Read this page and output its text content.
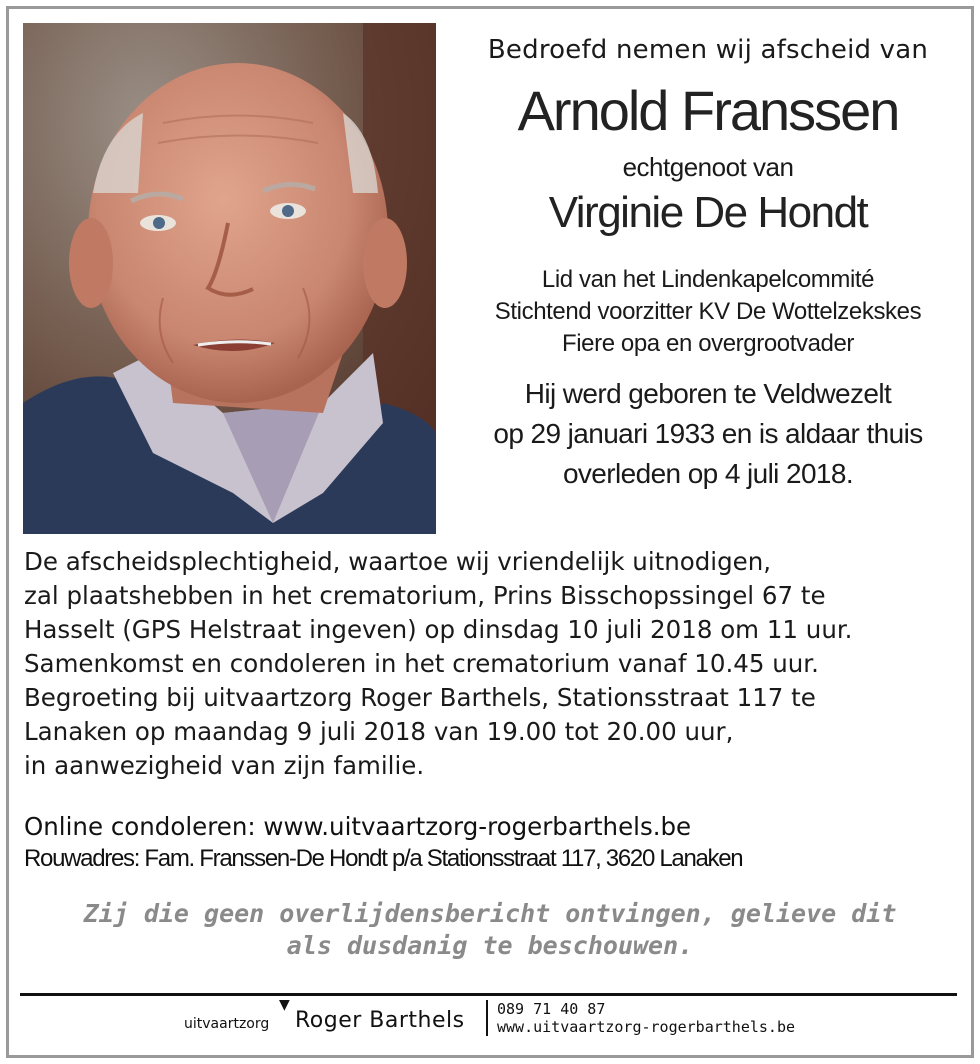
Bedroefd nemen wij afscheid van
Arnold Franssen
echtgenoot van
Virginie De Hondt
Lid van het Lindenkapelcommité
Stichtend voorzitter KV De Wottelzekskes
Fiere opa en overgrootvader
Hij werd geboren te Veldwezelt
op 29 januari 1933 en is aldaar thuis
overleden op 4 juli 2018.
De afscheidsplechtigheid, waartoe wij vriendelijk uitnodigen,
zal plaatshebben in het crematorium, Prins Bisschopssingel 67 te
Hasselt (GPS Helstraat ingeven) op dinsdag 10 juli 2018 om 11 uur.
Samenkomst en condoleren in het crematorium vanaf 10.45 uur.
Begroeting bij uitvaartzorg Roger Barthels, Stationsstraat 117 te
Lanaken op maandag 9 juli 2018 van 19.00 tot 20.00 uur,
in aanwezigheid van zijn familie.
Online condoleren: www.uitvaartzorg-rogerbarthels.be
Rouwadres: Fam. Franssen-De Hondt p/a Stationsstraat 117, 3620 Lanaken
Zij die geen overlijdensbericht ontvingen, gelieve dit
als dusdanig te beschouwen.
uitvaartzorg
▼
Roger Barthels 089 71 40 87
www.uitvaartzorg-rogerbarthels.be
